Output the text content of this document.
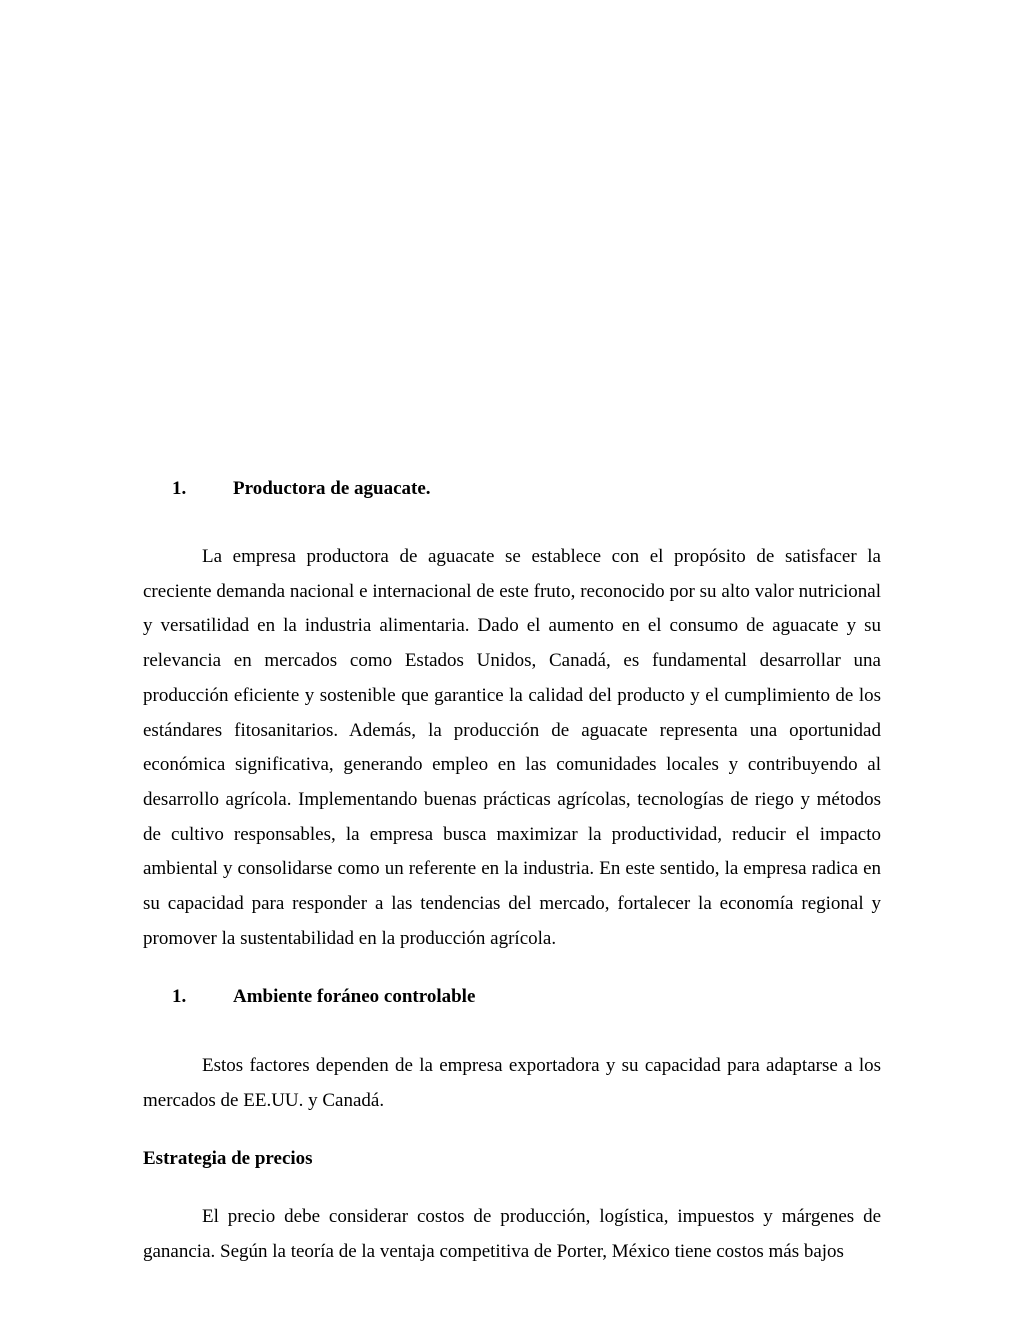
1. Productora de aguacate.

La empresa productora de aguacate se establece con el propósito de satisfacer la creciente demanda nacional e internacional de este fruto, reconocido por su alto valor nutricional y versatilidad en la industria alimentaria. Dado el aumento en el consumo de aguacate y su relevancia en mercados como Estados Unidos, Canadá, es fundamental desarrollar una producción eficiente y sostenible que garantice la calidad del producto y el cumplimiento de los estándares fitosanitarios. Además, la producción de aguacate representa una oportunidad económica significativa, generando empleo en las comunidades locales y contribuyendo al desarrollo agrícola. Implementando buenas prácticas agrícolas, tecnologías de riego y métodos de cultivo responsables, la empresa busca maximizar la productividad, reducir el impacto ambiental y consolidarse como un referente en la industria. En este sentido, la empresa radica en su capacidad para responder a las tendencias del mercado, fortalecer la economía regional y promover la sustentabilidad en la producción agrícola.

1. Ambiente foráneo controlable

Estos factores dependen de la empresa exportadora y su capacidad para adaptarse a los mercados de EE.UU. y Canadá.

Estrategia de precios

El precio debe considerar costos de producción, logística, impuestos y márgenes de ganancia. Según la teoría de la ventaja competitiva de Porter, México tiene costos más bajos
